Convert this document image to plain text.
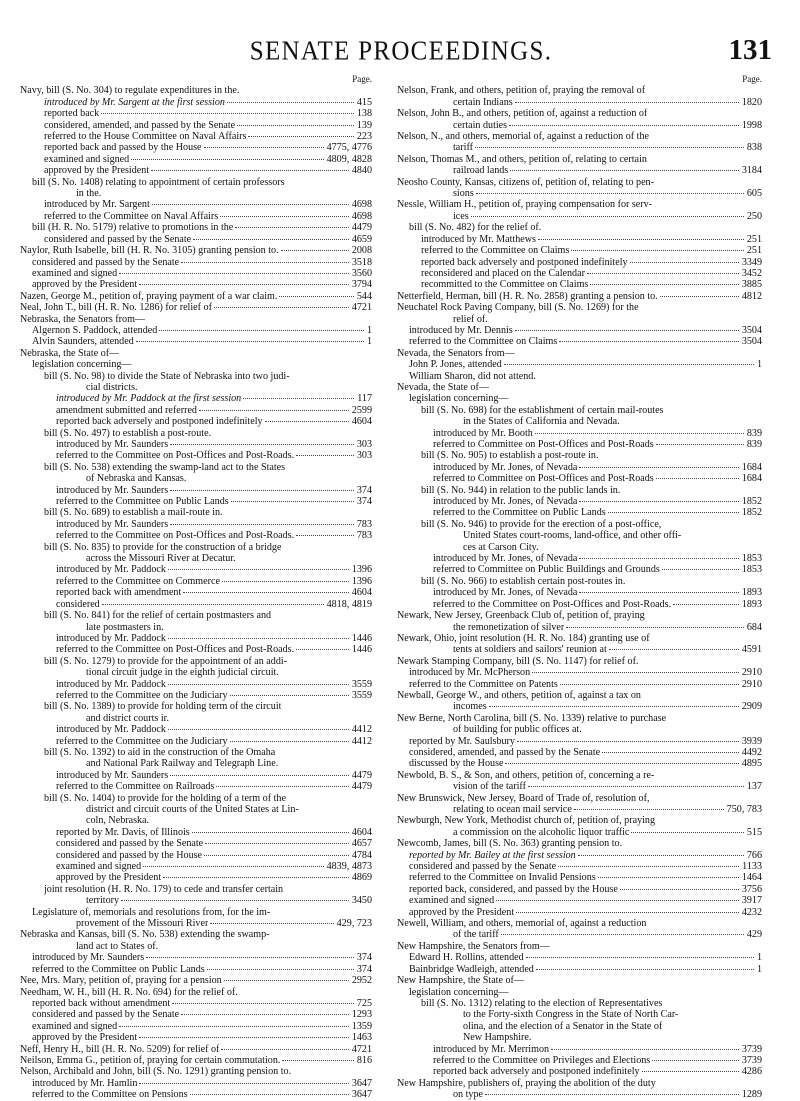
SENATE PROCEEDINGS.	131
Page.
Navy, bill (S. No. 304) to regulate expenditures in the.
introduced by Mr. Sargent at the first session	415
reported back	138
considered, amended, and passed by the Senate	139
referred to the House Committee on Naval Affairs	223
reported back and passed by the House	4775, 4776
examined and signed	4809, 4828
approved by the President	4840
bill (S. No. 1408) relating to appointment of certain professors
in the.
introduced by Mr. Sargent	4698
referred to the Committee on Naval Affairs	4698
bill (H. R. No. 5179) relative to promotions in the	4479
considered and passed by the Senate	4659
Naylor, Ruth Isabelle, bill (H. R. No. 3105) granting pension to.	2008
considered and passed by the Senate	3518
examined and signed	3560
approved by the President	3794
Nazen, George M., petition of, praying payment of a war claim.	544
Neal, John T., bill (H. R. No. 1286) for relief of	4721
Nebraska, the Senators from—
Algernon S. Paddock, attended	1
Alvin Saunders, attended	1
Nebraska, the State of—
legislation concerning—
bill (S. No. 98) to divide the State of Nebraska into two judi-
cial districts.
introduced by Mr. Paddock at the first session	117
amendment submitted and referred	2599
reported back adversely and postponed indefinitely	4604
bill (S. No. 497) to establish a post-route.
introduced by Mr. Saunders	303
referred to the Committee on Post-Offices and Post-Roads.	303
bill (S. No. 538) extending the swamp-land act to the States
of Nebraska and Kansas.
introduced by Mr. Saunders	374
referred to the Committee on Public Lands	374
bill (S. No. 689) to establish a mail-route in.
introduced by Mr. Saunders	783
referred to the Committee on Post-Offices and Post-Roads.	783
bill (S. No. 835) to provide for the construction of a bridge
across the Missouri River at Decatur.
introduced by Mr. Paddock	1396
referred to the Committee on Commerce	1396
reported back with amendment	4604
considered	4818, 4819
bill (S. No. 841) for the relief of certain postmasters and
late postmasters in.
introduced by Mr. Paddock	1446
referred to the Committee on Post-Offices and Post-Roads.	1446
bill (S. No. 1279) to provide for the appointment of an addi-
tional circuit judge in the eighth judicial circuit.
introduced by Mr. Paddock	3559
referred to the Committee on the Judiciary	3559
bill (S. No. 1389) to provide for holding term of the circuit
and district courts ir.
introduced by Mr. Paddock	4412
referred to the Committee on the Judiciary	4412
bill (S. No. 1392) to aid in the construction of the Omaha
and National Park Railway and Telegraph Line.
introduced by Mr. Saunders	4479
referred to the Committee on Railroads	4479
bill (S. No. 1404) to provide for the holding of a term of the
district and circuit courts of the United States at Lin-
coln, Nebraska.
reported by Mr. Davis, of Illinois	4604
considered and passed by the Senate	4657
considered and passed by the House	4784
examined and signed	4839, 4873
approved by the President	4869
joint resolution (H. R. No. 179) to cede and transfer certain
territory	3450
Legislature of, memorials and resolutions from, for the im-
provement of the Missouri River	429, 723
Nebraska and Kansas, bill (S. No. 538) extending the swamp-
land act to States of.
introduced by Mr. Saunders	374
referred to the Committee on Public Lands	374
Nee, Mrs. Mary, petition of, praying for a pension	2952
Needham, W. H., bill (H. R. No. 694) for the relief of.
reported back without amendment	725
considered and passed by the Senate	1293
examined and signed	1359
approved by the President	1463
Neff, Henry H., bill (H. R. No. 5209) for relief of	4721
Neilson, Emma G., petition of, praying for certain commutation.	816
Nelson, Archibald and John, bill (S. No. 1291) granting pension to.
introduced by Mr. Hamlin	3647
referred to the Committee on Pensions	3647
Page.
Nelson, Frank, and others, petition of, praying the removal of
certain Indians	1820
Nelson, John B., and others, petition of, against a reduction of
certain duties	1998
Nelson, N., and others, memorial of, against a reduction of the
tariff	838
Nelson, Thomas M., and others, petition of, relating to certain
railroad lands	3184
Neosho County, Kansas, citizens of, petition of, relating to pen-
sions	605
Nessle, William H., petition of, praying compensation for serv-
ices	250
bill (S. No. 482) for the relief of.
introduced by Mr. Matthews	251
referred to the Committee on Claims	251
reported back adversely and postponed indefinitely	3349
reconsidered and placed on the Calendar	3452
recommitted to the Committee on Claims	3885
Netterfield, Herman, bill (H. R. No. 2858) granting a pension to.	4812
Neuchatel Rock Paving Company, bill (S. No. 1269) for the
relief of.
introduced by Mr. Dennis	3504
referred to the Committee on Claims	3504
Nevada, the Senators from—
John P. Jones, attended	1
William Sharon, did not attend.
Nevada, the State of—
legislation concerning—
bill (S. No. 698) for the establishment of certain mail-routes
in the States of California and Nevada.
introduced by Mr. Booth	839
referred to Committee on Post-Offices and Post-Roads	839
bill (S. No. 905) to establish a post-route in.
introduced by Mr. Jones, of Nevada	1684
referred to Committee on Post-Offices and Post-Roads	1684
bill (S. No. 944) in relation to the public lands in.
introduced by Mr. Jones, of Nevada	1852
referred to the Committee on Public Lands	1852
bill (S. No. 946) to provide for the erection of a post-office,
United States court-rooms, land-office, and other offi-
ces at Carson City.
introduced by Mr. Jones, of Nevada	1853
referred to Committee on Public Buildings and Grounds	1853
bill (S. No. 966) to establish certain post-routes in.
introduced by Mr. Jones, of Nevada	1893
referred to the Committee on Post-Offices and Post-Roads.	1893
Newark, New Jersey, Greenback Club of, petition of, praying
the remonetization of silver	684
Newark, Ohio, joint resolution (H. R. No. 184) granting use of
tents at soldiers and sailors' reunion at	4591
Newark Stamping Company, bill (S. No. 1147) for relief of.
introduced by Mr. McPherson	2910
referred to the Committee on Patents	2910
Newball, George W., and others, petition of, against a tax on
incomes	2909
New Berne, North Carolina, bill (S. No. 1339) relative to purchase
of building for public offices at.
reported by Mr. Saulsbury	3939
considered, amended, and passed by the Senate	4492
discussed by the House	4895
Newbold, B. S., & Son, and others, petition of, concerning a re-
vision of the tariff	137
New Brunswick, New Jersey, Board of Trade of, resolution of,
relating to ocean mail service	750, 783
Newburgh, New York, Methodist church of, petition of, praying
a commission on the alcoholic liquor traffic	515
Newcomb, James, bill (S. No. 363) granting pension to.
reported by Mr. Bailey at the first session	766
considered and passed by the Senate	1133
referred to the Committee on Invalid Pensions	1464
reported back, considered, and passed by the House	3756
examined and signed	3917
approved by the President	4232
Newell, William, and others, memorial of, against a reduction
of the tariff	429
New Hampshire, the Senators from—
Edward H. Rollins, attended	1
Bainbridge Wadleigh, attended	1
New Hampshire, the State of—
legislation concerning—
bill (S. No. 1312) relating to the election of Representatives
to the Forty-sixth Congress in the State of North Car-
olina, and the election of a Senator in the State of
New Hampshire.
introduced by Mr. Merrimon	3739
referred to the Committee on Privileges and Elections	3739
reported back adversely and postponed indefinitely	4286
New Hampshire, publishers of, praying the abolition of the duty
on type	1289
